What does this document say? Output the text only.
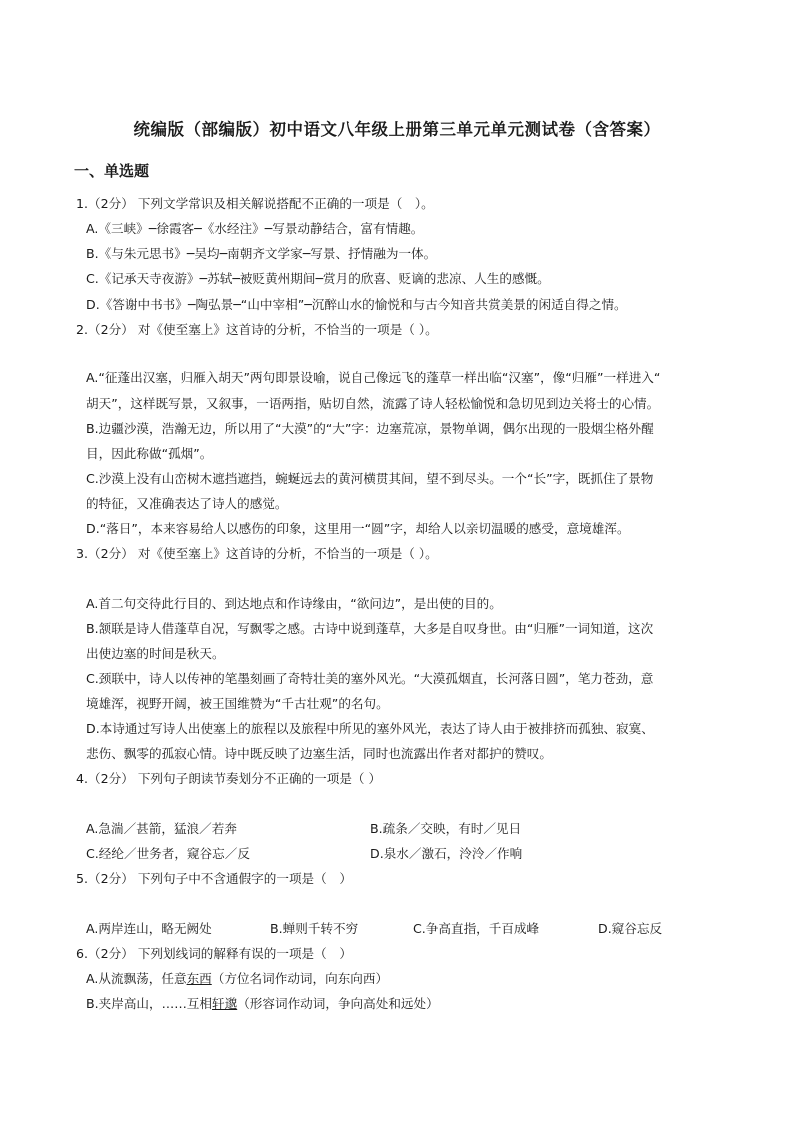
统编版（部编版）初中语文八年级上册第三单元单元测试卷（含答案）
一、单选题
1.（2分） 下列文学常识及相关解说搭配不正确的一项是（　）。
A.《三峡》─徐霞客─《水经注》─写景动静结合，富有情趣。
B.《与朱元思书》─吴均─南朝齐文学家─写景、抒情融为一体。
C.《记承天寺夜游》─苏轼─被贬黄州期间─赏月的欣喜、贬谪的悲凉、人生的感慨。
D.《答谢中书书》─陶弘景─“山中宰相”─沉醉山水的愉悦和与古今知音共赏美景的闲适自得之情。
2.（2分） 对《使至塞上》这首诗的分析，不恰当的一项是（ ）。
A.“征蓬出汉塞，归雁入胡天”两句即景设喻，说自己像远飞的蓬草一样出临“汉塞”，像“归雁”一样进入“
胡天”，这样既写景，又叙事，一语两指，贴切自然，流露了诗人轻松愉悦和急切见到边关将士的心情。
B.边疆沙漠，浩瀚无边，所以用了“大漠”的“大”字：边塞荒凉，景物单调，偶尔出现的一股烟尘格外醒
目，因此称做“孤烟”。
C.沙漠上没有山峦树木遮挡遮挡，蜿蜒远去的黄河横贯其间，望不到尽头。一个“长”字，既抓住了景物
的特征，又准确表达了诗人的感觉。
D.“落日”，本来容易给人以感伤的印象，这里用一“圆”字，却给人以亲切温暖的感受，意境雄浑。
3.（2分） 对《使至塞上》这首诗的分析，不恰当的一项是（ ）。
A.首二句交待此行目的、到达地点和作诗缘由，“欲问边”，是出使的目的。
B.颔联是诗人借蓬草自况，写飘零之感。古诗中说到蓬草，大多是自叹身世。由“归雁”一词知道，这次
出使边塞的时间是秋天。
C.颈联中，诗人以传神的笔墨刻画了奇特壮美的塞外风光。“大漠孤烟直，长河落日圆”，笔力苍劲，意
境雄浑，视野开阔，被王国维赞为“千古壮观”的名句。
D.本诗通过写诗人出使塞上的旅程以及旅程中所见的塞外风光，表达了诗人由于被排挤而孤独、寂寞、
悲伤、飘零的孤寂心情。诗中既反映了边塞生活，同时也流露出作者对都护的赞叹。
4.（2分） 下列句子朗读节奏划分不正确的一项是（ ）
A.急湍／甚箭，猛浪／若奔	B.疏条／交映，有时／见日
C.经纶／世务者，窥谷忘／反	D.泉水／激石，泠泠／作响
5.（2分） 下列句子中不含通假字的一项是（　）
A.两岸连山，略无阙处	B.蝉则千转不穷	C.争高直指，千百成峰	D.窥谷忘反
6.（2分） 下列划线词的解释有误的一项是（　）
A.从流飘荡，任意东西（方位名词作动词，向东向西）
B.夹岸高山，……互相轩邈（形容词作动词，争向高处和远处）
